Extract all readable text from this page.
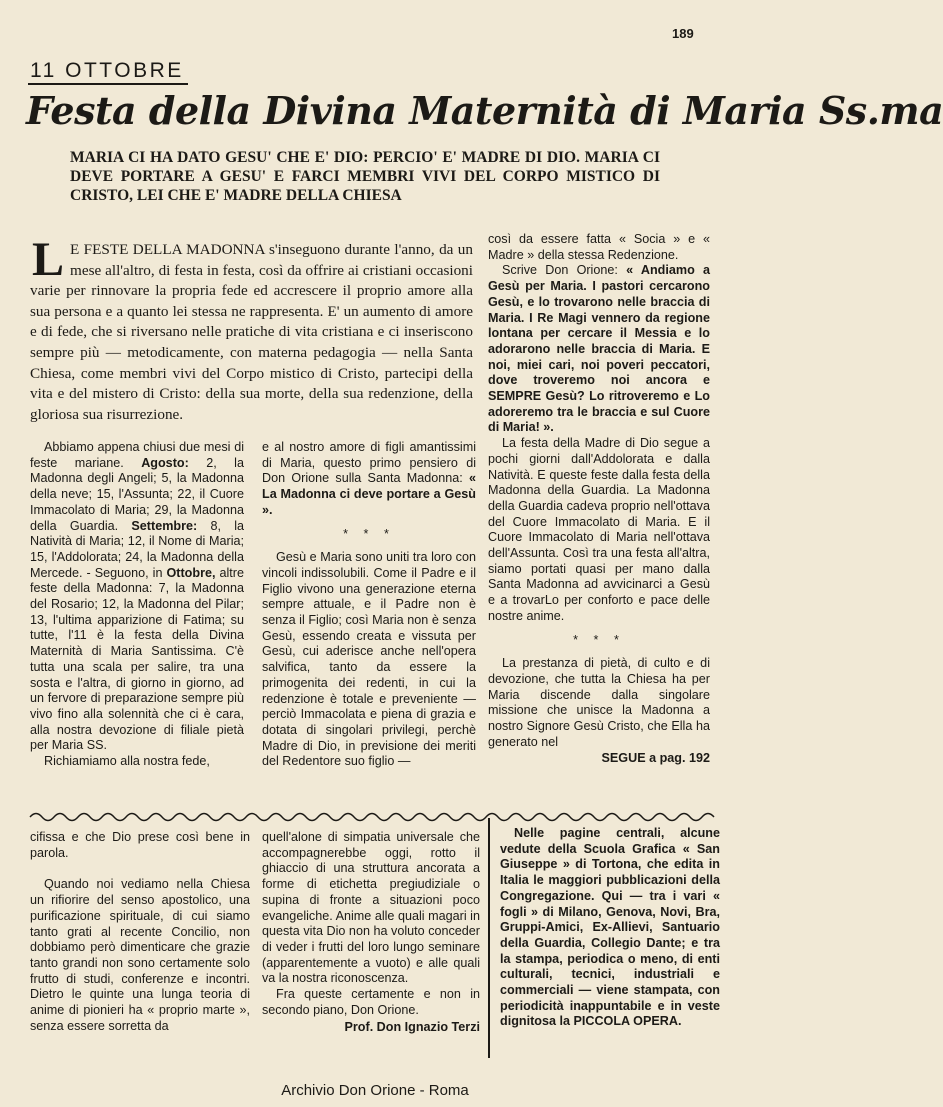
189
11 OTTOBRE
Festa della Divina Maternità di Maria Ss.ma
MARIA CI HA DATO GESU' CHE E' DIO: PERCIO' E' MADRE DI DIO. MARIA CI DEVE PORTARE A GESU' E FARCI MEMBRI VIVI DEL CORPO MISTICO DI CRISTO, LEI CHE E' MADRE DELLA CHIESA
L E FESTE DELLA MADONNA s'inseguono durante l'anno, da un mese all'altro, di festa in festa, così da offrire ai cristiani occasioni varie per rinnovare la propria fede ed accrescere il proprio amore alla sua persona e a quanto lei stessa ne rappresenta. E' un aumento di amore e di fede, che si riversano nelle pratiche di vita cristiana e ci inseriscono sempre più — metodicamente, con materna pedagogia — nella Santa Chiesa, come membri vivi del Corpo mistico di Cristo, partecipi della vita e del mistero di Cristo: della sua morte, della sua redenzione, della gloriosa sua risurrezione.

così da essere fatta « Socia » e « Madre » della stessa Redenzione.

Scrive Don Orione: « Andiamo a Gesù per Maria. I pastori cercarono Gesù, e lo trovarono nelle braccia di Maria. I Re Magi vennero da regione lontana per cercare il Messia e lo adorarono nelle braccia di Maria. E noi, miei cari, noi poveri peccatori, dove troveremo noi ancora e SEMPRE Gesù? Lo ritroveremo e Lo adoreremo tra le braccia e sul Cuore di Maria! ».

La festa della Madre di Dio segue a pochi giorni dall'Addolorata e dalla Natività. E queste feste dalla festa della Madonna della Guardia. La Madonna della Guardia cadeva proprio nell'ottava del Cuore Immacolato di Maria. E il Cuore Immacolato di Maria nell'ottava dell'Assunta. Così tra una festa all'altra, siamo portati quasi per mano dalla Santa Madonna ad avvicinarci a Gesù e a trovarLo per conforto e pace delle nostre anime.

* * *

La prestanza di pietà, di culto e di devozione, che tutta la Chiesa ha per Maria discende dalla singolare missione che unisce la Madonna a nostro Signore Gesù Cristo, che Ella ha generato nel

SEGUE a pag. 192

Abbiamo appena chiusi due mesi di feste mariane. Agosto: 2, la Madonna degli Angeli; 5, la Madonna della neve; 15, l'Assunta; 22, il Cuore Immacolato di Maria; 29, la Madonna della Guardia. Settembre: 8, la Natività di Maria; 12, il Nome di Maria; 15, l'Addolorata; 24, la Madonna della Mercede. - Seguono, in Ottobre, altre feste della Madonna: 7, la Madonna del Rosario; 12, la Madonna del Pilar; 13, l'ultima apparizione di Fatima; su tutte, l'11 è la festa della Divina Maternità di Maria Santissima. C'è tutta una scala per salire, tra una sosta e l'altra, di giorno in giorno, ad un fervore di preparazione sempre più vivo fino alla solennità che ci è cara, alla nostra devozione di filiale pietà per Maria SS.

Richiamiamo alla nostra fede,

e al nostro amore di figli amantissimi di Maria, questo primo pensiero di Don Orione sulla Santa Madonna: « La Madonna ci deve portare a Gesù ».

* * *

Gesù e Maria sono uniti tra loro con vincoli indissolubili. Come il Padre e il Figlio vivono una generazione eterna sempre attuale, e il Padre non è senza il Figlio; così Maria non è senza Gesù, essendo creata e vissuta per Gesù, cui aderisce anche nell'opera salvifica, tanto da essere la primogenita dei redenti, in cui la redenzione è totale e preveniente — perciò Immacolata e piena di grazia e dotata di singolari privilegi, perchè Madre di Dio, in previsione dei meriti del Redentore suo figlio —

cifissa e che Dio prese così bene in parola.

Quando noi vediamo nella Chiesa un rifiorire del senso apostolico, una purificazione spirituale, di cui siamo tanto grati al recente Concilio, non dobbiamo però dimenticare che grazie tanto grandi non sono certamente solo frutto di studi, conferenze e incontri. Dietro le quinte una lunga teoria di anime di pionieri ha « proprio marte », senza essere sorretta da

quell'alone di simpatia universale che accompagnerebbe oggi, rotto il ghiaccio di una struttura ancorata a forme di etichetta pregiudiziale o supina di fronte a situazioni poco evangeliche. Anime alle quali magari in questa vita Dio non ha voluto conceder di veder i frutti del loro lungo seminare (apparentemente a vuoto) e alle quali va la nostra riconoscenza.

Fra queste certamente e non in secondo piano, Don Orione.

Prof. Don Ignazio Terzi

Nelle pagine centrali, alcune vedute della Scuola Grafica « San Giuseppe » di Tortona, che edita in Italia le maggiori pubblicazioni della Congregazione. Qui — tra i vari « fogli » di Milano, Genova, Novi, Bra, Gruppi-Amici, Ex-Allievi, Santuario della Guardia, Collegio Dante; e tra la stampa, periodica o meno, di enti culturali, tecnici, industriali e commerciali — viene stampata, con periodicità inappuntabile e in veste dignitosa la PICCOLA OPERA.

Archivio Don Orione - Roma
